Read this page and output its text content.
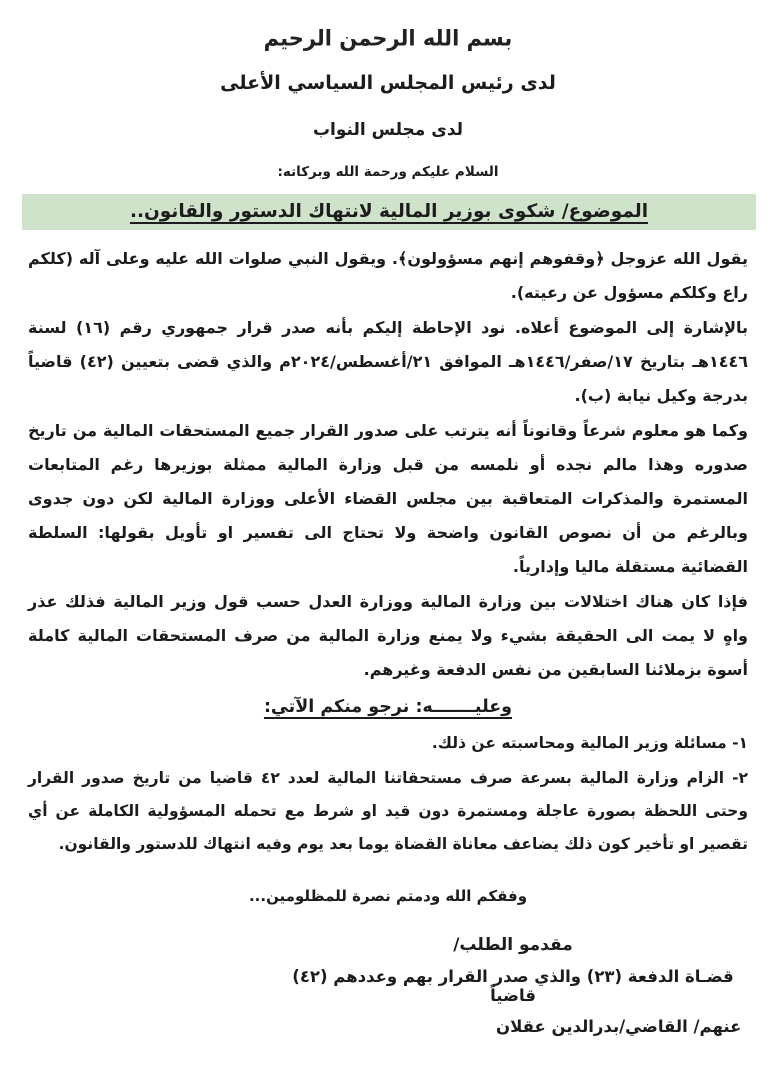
بسم الله الرحمن الرحيم
لدى رئيس المجلس السياسي الأعلى
لدى مجلس النواب
السلام عليكم ورحمة الله وبركاته:
الموضوع/ شكوى بوزير المالية لانتهاك الدستور والقانون..

يقول الله عزوجل ﴿وقفوهم إنهم مسؤولون﴾. ويقول النبي صلوات الله عليه وعلى آله (كلكم راع وكلكم مسؤول عن رعيته).

بالإشارة إلى الموضوع أعلاه. نود الإحاطة إليكم بأنه صدر قرار جمهوري رقم (١٦) لسنة ١٤٤٦هـ بتاريخ ١٧/صفر/١٤٤٦هـ الموافق ٢١/أغسطس/٢٠٢٤م والذي قضى بتعيين (٤٢) قاضياً بدرجة وكيل نيابة (ب).

وكما هو معلوم شرعاً وقانوناً أنه يترتب على صدور القرار جميع المستحقات المالية من تاريخ صدوره وهذا مالم نجده أو نلمسه من قبل وزارة المالية ممثلة بوزيرها رغم المتابعات المستمرة والمذكرات المتعاقبة بين مجلس القضاء الأعلى ووزارة المالية لكن دون جدوى وبالرغم من أن نصوص القانون واضحة ولا تحتاج الى تفسير او تأويل بقولها: السلطة القضائية مستقلة ماليا وإدارياً.

فإذا كان هناك اختلالات بين وزارة المالية ووزارة العدل حسب قول وزير المالية فذلك عذر واهٍ لا يمت الى الحقيقة بشيء ولا يمنع وزارة المالية من صرف المستحقات المالية كاملة أسوة بزملائنا السابقين من نفس الدفعة وغيرهم.

وعليـــــــه: نرجو منكم الآتي:

١- مسائلة وزير المالية ومحاسبته عن ذلك.

٢- الزام وزارة المالية بسرعة صرف مستحقاتنا المالية لعدد ٤٢ قاضيا من تاريخ صدور القرار وحتى اللحظة بصورة عاجلة ومستمرة دون قيد او شرط مع تحمله المسؤولية الكاملة عن أي تقصير او تأخير كون ذلك يضاعف معاناة القضاة يوما بعد يوم وفيه انتهاك للدستور والقانون.

وفقكم الله ودمتم نصرة للمظلومين...
مقدمو الطلب/
قضـاة الدفعة (٢٣) والذي صدر القرار بهم وعددهم (٤٢) قاضياً
عنهم/ القاضي/بدرالدين عقلان
